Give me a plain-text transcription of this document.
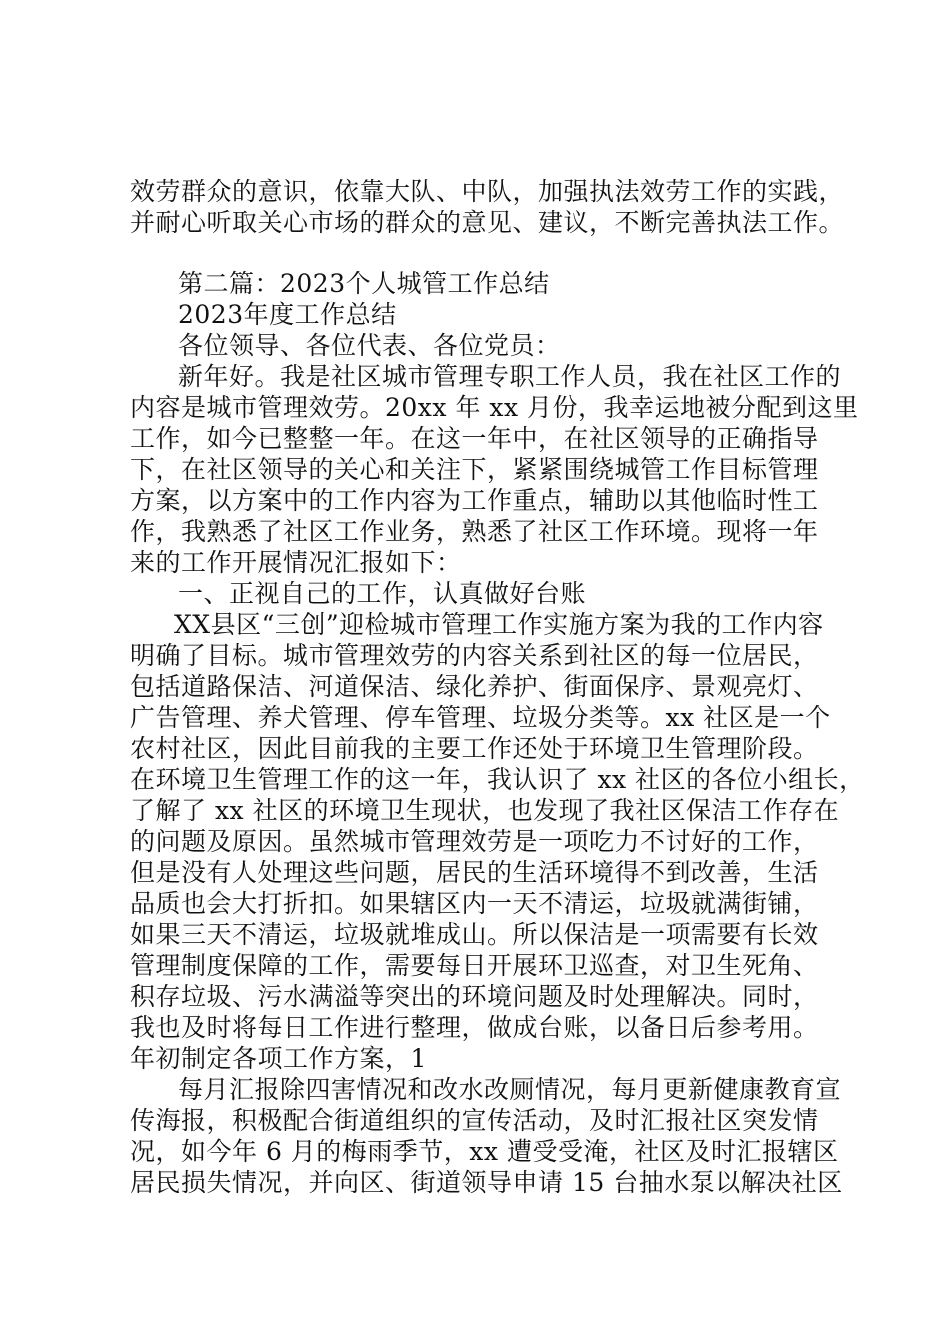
效劳群众的意识，依靠大队、中队，加强执法效劳工作的实践，
并耐心听取关心市场的群众的意见、建议，不断完善执法工作。
第二篇：2023个人城管工作总结
2023年度工作总结
各位领导、各位代表、各位党员：
新年好。我是社区城市管理专职工作人员，我在社区工作的
内容是城市管理效劳。20xx 年 xx 月份，我幸运地被分配到这里
工作，如今已整整一年。在这一年中，在社区领导的正确指导
下，在社区领导的关心和关注下，紧紧围绕城管工作目标管理
方案，以方案中的工作内容为工作重点，辅助以其他临时性工
作，我熟悉了社区工作业务，熟悉了社区工作环境。现将一年
来的工作开展情况汇报如下：
一、正视自己的工作，认真做好台账
XX县区“三创”迎检城市管理工作实施方案为我的工作内容
明确了目标。城市管理效劳的内容关系到社区的每一位居民，
包括道路保洁、河道保洁、绿化养护、街面保序、景观亮灯、
广告管理、养犬管理、停车管理、垃圾分类等。xx 社区是一个
农村社区，因此目前我的主要工作还处于环境卫生管理阶段。
在环境卫生管理工作的这一年，我认识了 xx 社区的各位小组长，
了解了 xx 社区的环境卫生现状，也发现了我社区保洁工作存在
的问题及原因。虽然城市管理效劳是一项吃力不讨好的工作，
但是没有人处理这些问题，居民的生活环境得不到改善，生活
品质也会大打折扣。如果辖区内一天不清运，垃圾就满街铺，
如果三天不清运，垃圾就堆成山。所以保洁是一项需要有长效
管理制度保障的工作，需要每日开展环卫巡查，对卫生死角、
积存垃圾、污水满溢等突出的环境问题及时处理解决。同时，
我也及时将每日工作进行整理，做成台账，以备日后参考用。
年初制定各项工作方案，1
每月汇报除四害情况和改水改厕情况，每月更新健康教育宣
传海报，积极配合街道组织的宣传活动，及时汇报社区突发情
况，如今年 6 月的梅雨季节，xx 遭受受淹，社区及时汇报辖区
居民损失情况，并向区、街道领导申请 15 台抽水泵以解决社区
